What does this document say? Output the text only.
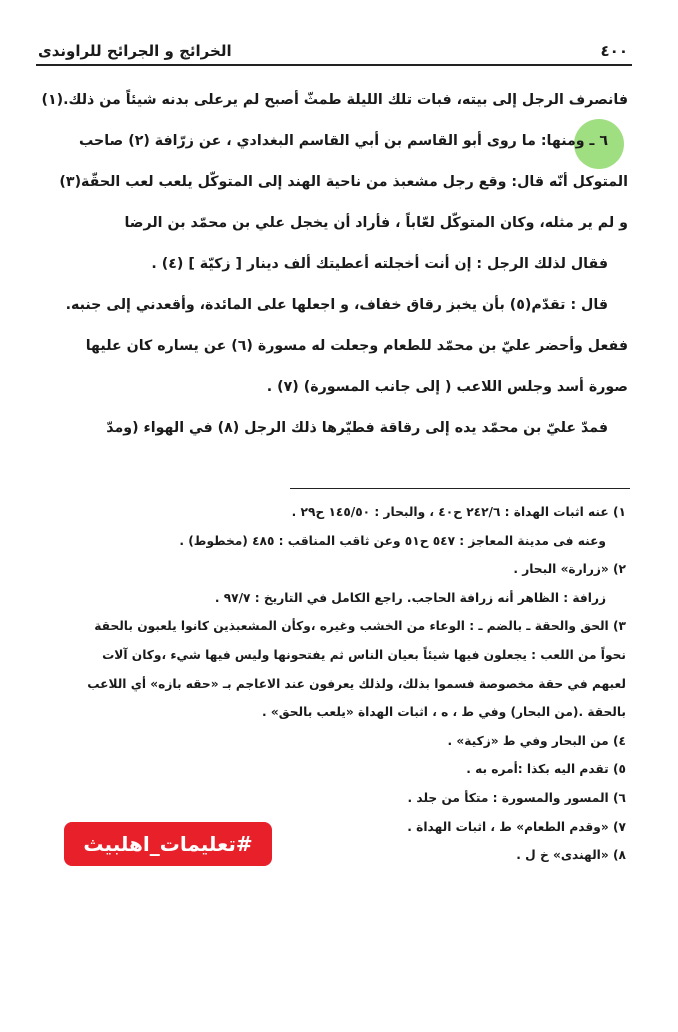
٤٠٠
الخرائج و الجرائح للراوندى

فانصرف الرجل إلى بيته، فبات تلك الليلة طمثّ أصبح لم يرعلى بدنه شيئاً من ذلك.(١)

٦ ـ ومنها: ما روى أبو القاسم بن أبي القاسم البغدادي ، عن زرّافة (٢) صاحب

المتوكل أنّه قال: وقع رجل مشعبذ من ناحية الهند إلى المتوكّل يلعب لعب الحقّة(٣)

و لم ير مثله، وكان المتوكّل لعّاباً ، فأراد أن يخجل علي بن محمّد بن الرضا

فقال لذلك الرجل : إن أنت أخجلته أعطيتك ألف دينار [ زكيّة ] (٤) .

قال : تقدّم(٥) بأن يخبز رقاق خفاف، و اجعلها على المائدة، وأقعدني إلى جنبه.

ففعل وأحضر عليّ بن محمّد للطعام وجعلت له مسورة (٦) عن يساره كان عليها

صورة أسد وجلس اللاعب ( إلى جانب المسورة) (٧) .

فمدّ عليّ بن محمّد يده إلى رقاقة فطيّرها ذلك الرجل (٨) في الهواء (ومدّ

١) عنه اثبات الهداة : ٢٤٢/٦ ح٤٠ ، والبحار : ١٤٥/٥٠ ح٢٩ .

وعنه فى مدينة المعاجز : ٥٤٧ ح٥١ وعن ثاقب المناقب : ٤٨٥ (مخطوط) .

٢) «زرارة» البحار .

زرافة : الظاهر أنه زرافة الحاجب. راجع الكامل في التاريخ : ٩٧/٧ .

٣) الحق والحقة ـ بالضم ـ : الوعاء من الخشب وغيره ،وكأن المشعبذين كانوا يلعبون بالحقة

نحواً من اللعب : يجعلون فيها شيئاً بعيان الناس ثم يفتحونها وليس فيها شيء ،وكان آلات

لعبهم في حقة مخصوصة فسموا بذلك، ولذلك يعرفون عند الاعاجم بـ «حقه بازه» أي اللاعب

بالحقة .(من البحار) وفي ط ، ه ، اثبات الهداة «يلعب بالحق» .

٤) من البحار وفي ط «زكية» .

٥) تقدم اليه بكذا :أمره به .

٦) المسور والمسورة : متكأ من جلد .

٧) «وقدم الطعام» ط ، اثبات الهداة .

٨) «الهندى» خ ل .

#تعليمات_اهلبيث
